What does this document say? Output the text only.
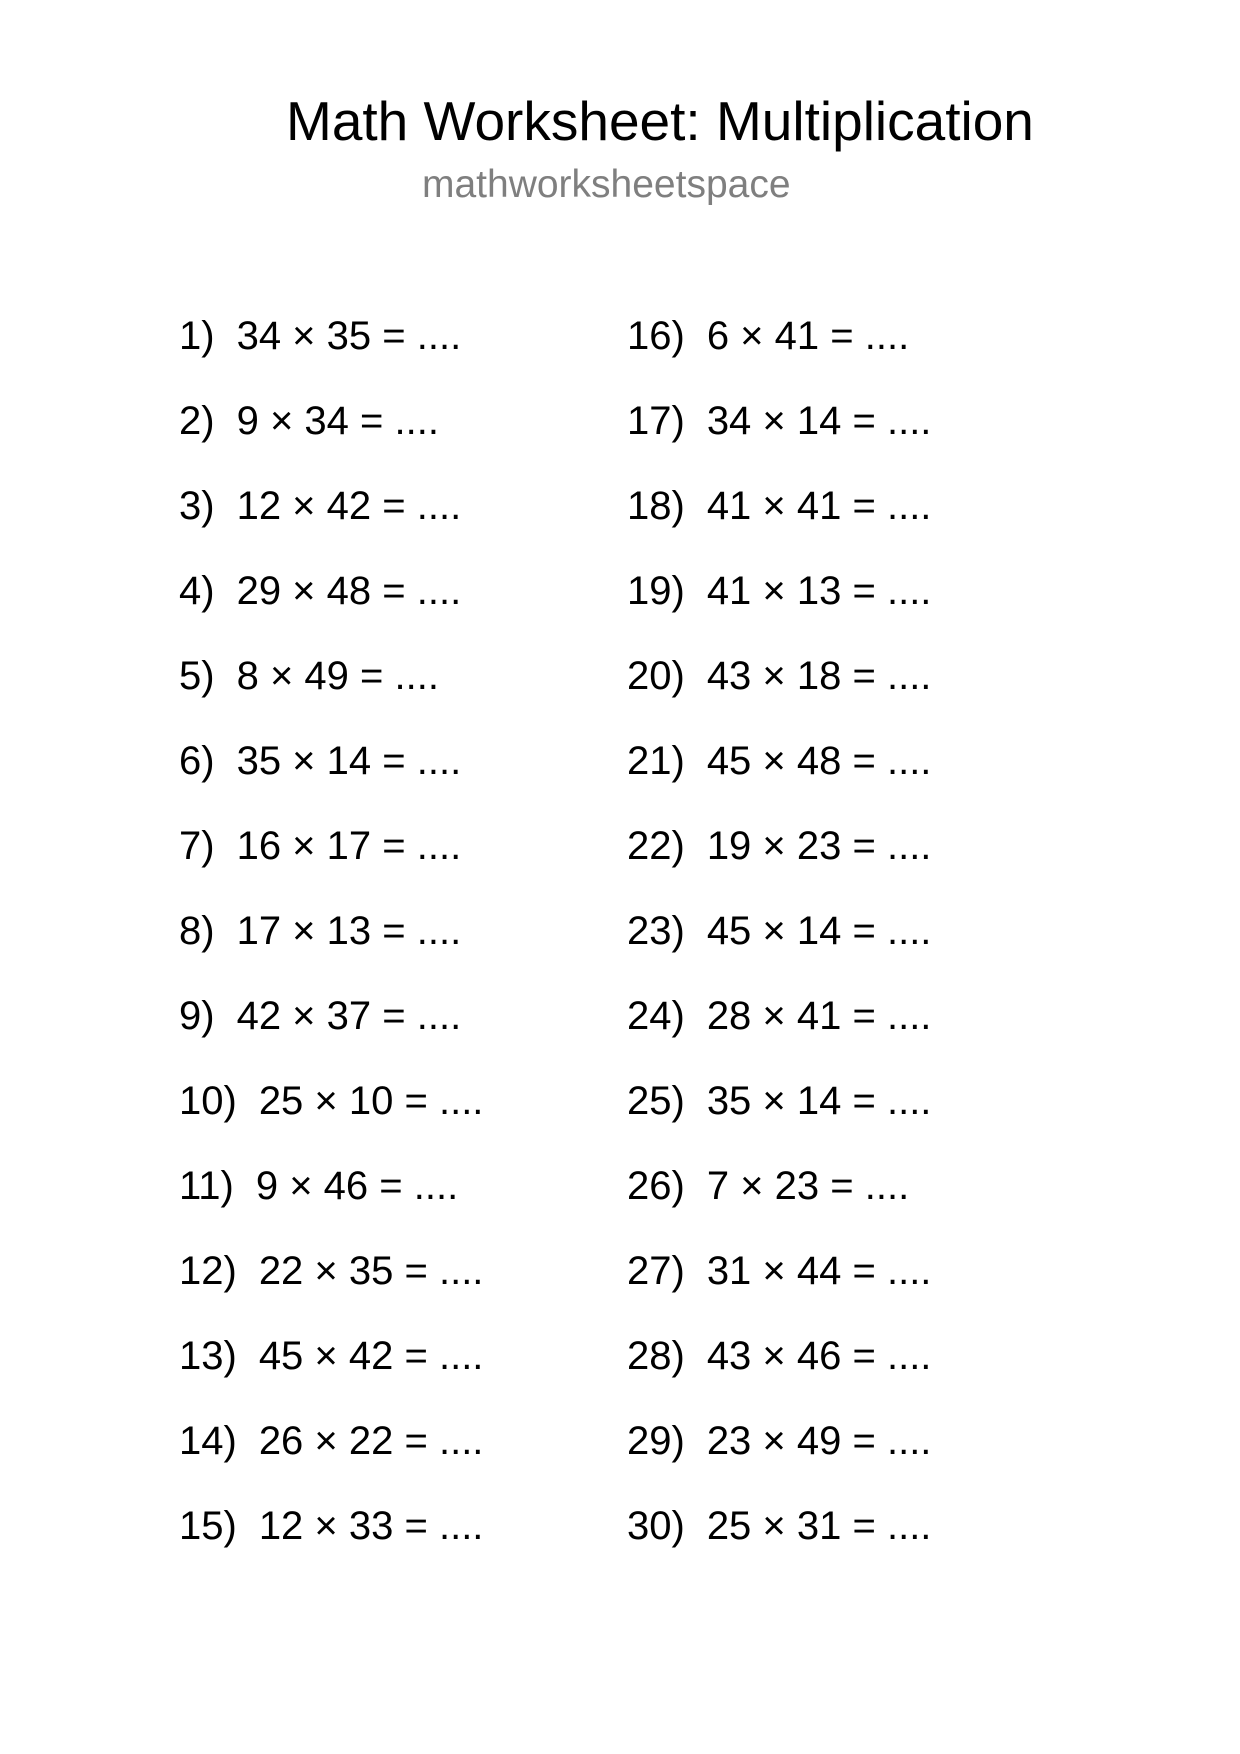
Math Worksheet: Multiplication
mathworksheetspace
1) 34 × 35 = ....
2) 9 × 34 = ....
3) 12 × 42 = ....
4) 29 × 48 = ....
5) 8 × 49 = ....
6) 35 × 14 = ....
7) 16 × 17 = ....
8) 17 × 13 = ....
9) 42 × 37 = ....
10) 25 × 10 = ....
11) 9 × 46 = ....
12) 22 × 35 = ....
13) 45 × 42 = ....
14) 26 × 22 = ....
15) 12 × 33 = ....
16) 6 × 41 = ....
17) 34 × 14 = ....
18) 41 × 41 = ....
19) 41 × 13 = ....
20) 43 × 18 = ....
21) 45 × 48 = ....
22) 19 × 23 = ....
23) 45 × 14 = ....
24) 28 × 41 = ....
25) 35 × 14 = ....
26) 7 × 23 = ....
27) 31 × 44 = ....
28) 43 × 46 = ....
29) 23 × 49 = ....
30) 25 × 31 = ....
